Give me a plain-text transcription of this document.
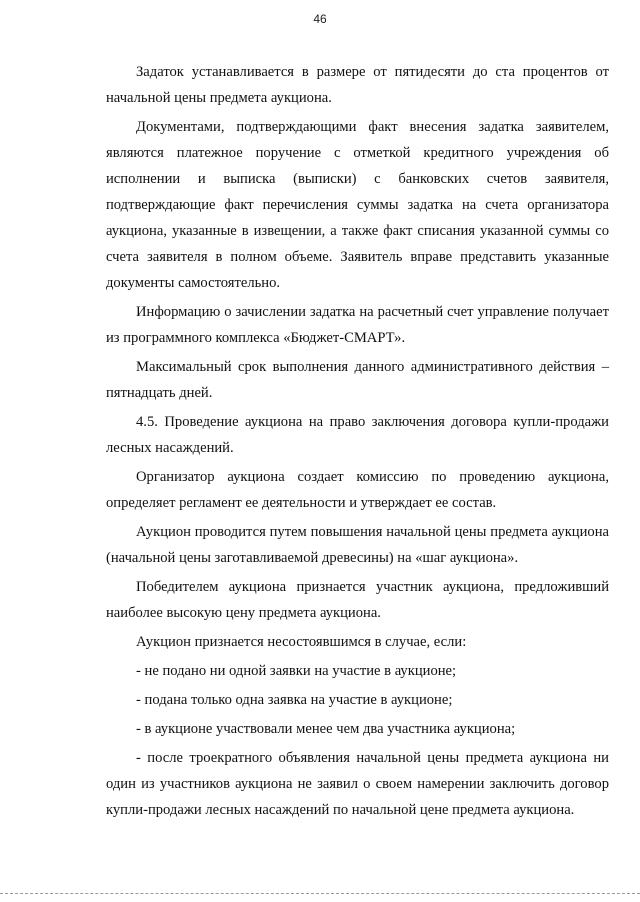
46

Задаток устанавливается в размере от пятидесяти до ста процентов от начальной цены предмета аукциона.

Документами, подтверждающими факт внесения задатка заявителем, являются платежное поручение с отметкой кредитного учреждения об исполнении и выписка (выписки) с банковских счетов заявителя, подтверждающие факт перечисления суммы задатка на счета организатора аукциона, указанные в извещении, а также факт списания указанной суммы со счета заявителя в полном объеме. Заявитель вправе представить указанные документы самостоятельно.

Информацию о зачислении задатка на расчетный счет управление получает из программного комплекса «Бюджет-СМАРТ».

Максимальный срок выполнения данного административного действия – пятнадцать дней.

4.5. Проведение аукциона на право заключения договора купли-продажи лесных насаждений.

Организатор аукциона создает комиссию по проведению аукциона, определяет регламент ее деятельности и утверждает ее состав.

Аукцион проводится путем повышения начальной цены предмета аукциона (начальной цены заготавливаемой древесины) на «шаг аукциона».

Победителем аукциона признается участник аукциона, предложивший наиболее высокую цену предмета аукциона.

Аукцион признается несостоявшимся в случае, если:

- не подано ни одной заявки на участие в аукционе;

- подана только одна заявка на участие в аукционе;

- в аукционе участвовали менее чем два участника аукциона;

- после троекратного объявления начальной цены предмета аукциона ни один из участников аукциона не заявил о своем намерении заключить договор купли-продажи лесных насаждений по начальной цене предмета аукциона.
